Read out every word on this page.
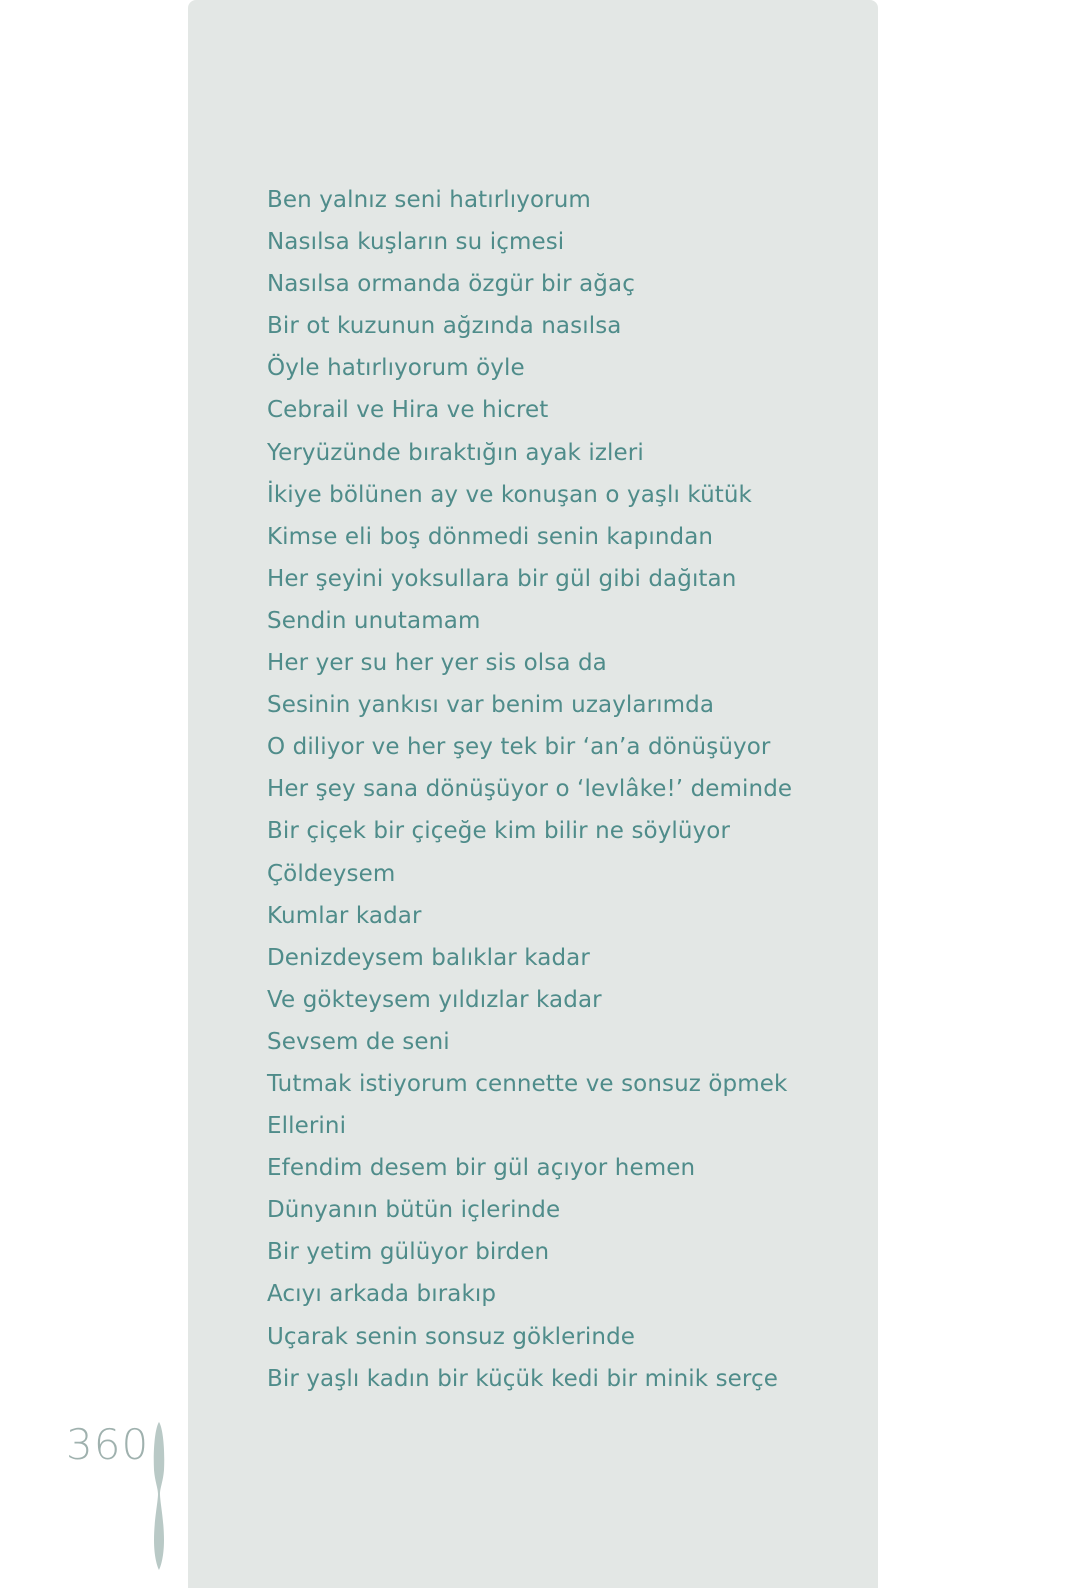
Ben yalnız seni hatırlıyorum
Nasılsa kuşların su içmesi
Nasılsa ormanda özgür bir ağaç
Bir ot kuzunun ağzında nasılsa
Öyle hatırlıyorum öyle
Cebrail ve Hira ve hicret
Yeryüzünde bıraktığın ayak izleri
İkiye bölünen ay ve konuşan o yaşlı kütük
Kimse eli boş dönmedi senin kapından
Her şeyini yoksullara bir gül gibi dağıtan
Sendin unutamam
Her yer su her yer sis olsa da
Sesinin yankısı var benim uzaylarımda
O diliyor ve her şey tek bir ‘an’a dönüşüyor
Her şey sana dönüşüyor o ‘levlâke!’ deminde
Bir çiçek bir çiçeğe kim bilir ne söylüyor
Çöldeysem
Kumlar kadar
Denizdeysem balıklar kadar
Ve gökteysem yıldızlar kadar
Sevsem de seni
Tutmak istiyorum cennette ve sonsuz öpmek
Ellerini
Efendim desem bir gül açıyor hemen
Dünyanın bütün içlerinde
Bir yetim gülüyor birden
Acıyı arkada bırakıp
Uçarak senin sonsuz göklerinde
Bir yaşlı kadın bir küçük kedi bir minik serçe
360
